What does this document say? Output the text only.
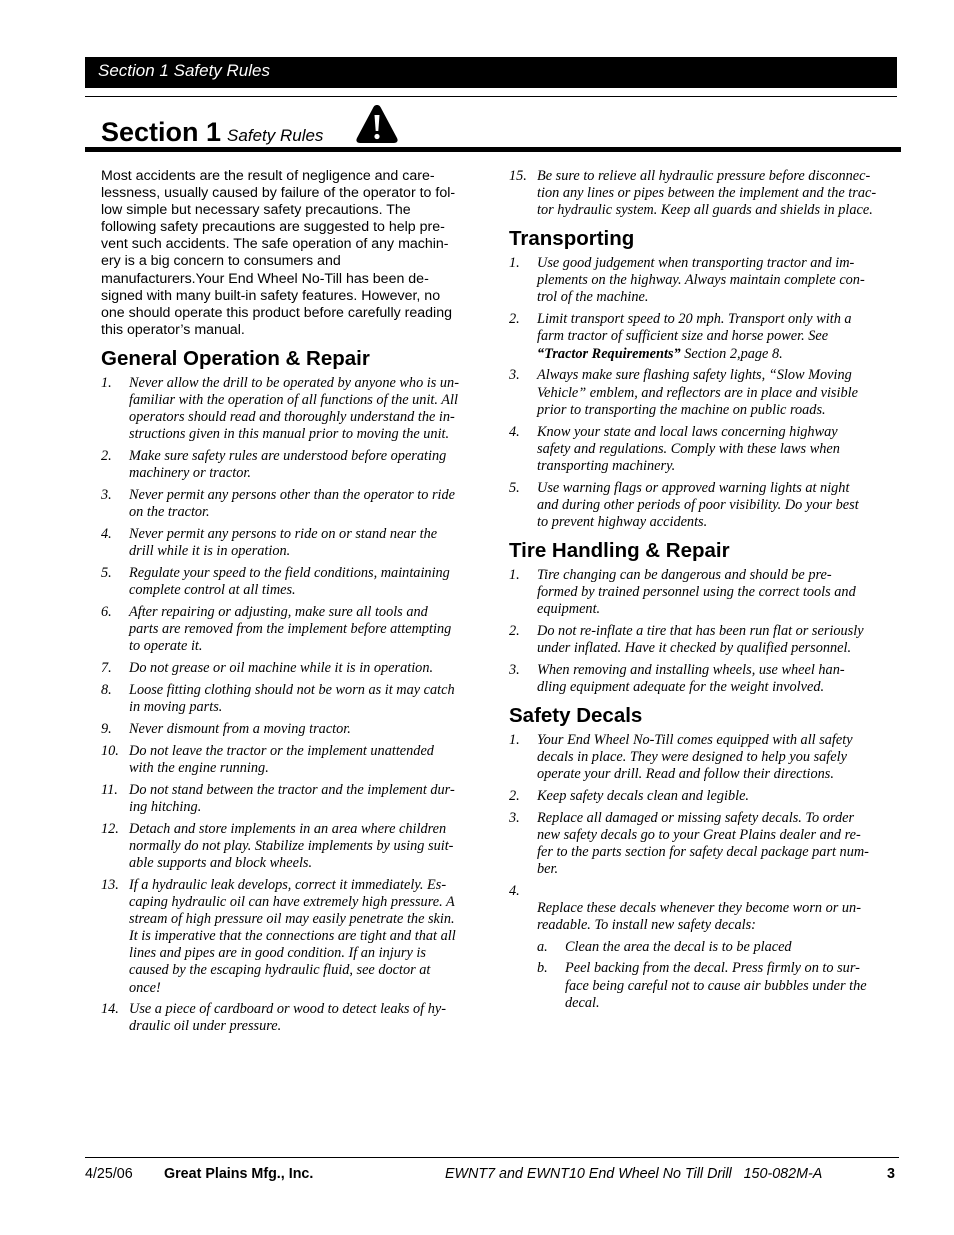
Section 1 Safety Rules
Section 1 Safety Rules

Most accidents are the result of negligence and care-
lessness, usually caused by failure of the operator to fol-
low simple but necessary safety precautions. The
following safety precautions are suggested to help pre-
vent such accidents. The safe operation of any machin-
ery is a big concern to consumers and
manufacturers.Your End Wheel No-Till has been de-
signed with many built-in safety features. However, no
one should operate this product before carefully reading
this operator’s manual.

General Operation & Repair
1.	Never allow the drill to be operated by anyone who is un-
familiar with the operation of all functions of the unit. All
operators should read and thoroughly understand the in-
structions given in this manual prior to moving the unit.
2.	Make sure safety rules are understood before operating
machinery or tractor.
3.	Never permit any persons other than the operator to ride
on the tractor.
4.	Never permit any persons to ride on or stand near the
drill while it is in operation.
5.	Regulate your speed to the field conditions, maintaining
complete control at all times.
6.	After repairing or adjusting, make sure all tools and
parts are removed from the implement before attempting
to operate it.
7.	Do not grease or oil machine while it is in operation.
8.	Loose fitting clothing should not be worn as it may catch
in moving parts.
9.	Never dismount from a moving tractor.
10. Do not leave the tractor or the implement unattended
with the engine running.
11. Do not stand between the tractor and the implement dur-
ing hitching.
12. Detach and store implements in an area where children
normally do not play. Stabilize implements by using suit-
able supports and block wheels.
13. If a hydraulic leak develops, correct it immediately. Es-
caping hydraulic oil can have extremely high pressure. A
stream of high pressure oil may easily penetrate the skin.
It is imperative that the connections are tight and that all
lines and pipes are in good condition. If an injury is
caused by the escaping hydraulic fluid, see doctor at
once!
14. Use a piece of cardboard or wood to detect leaks of hy-
draulic oil under pressure.
15. Be sure to relieve all hydraulic pressure before disconnec-
tion any lines or pipes between the implement and the trac-
tor hydraulic system. Keep all guards and shields in place.
Transporting
1.	Use good judgement when transporting tractor and im-
plements on the highway. Always maintain complete con-
trol of the machine.
2.	Limit transport speed to 20 mph. Transport only with a
farm tractor of sufficient size and horse power. See
“Tractor Requirements” Section 2,page 8.
3.	Always make sure flashing safety lights, “Slow Moving
Vehicle” emblem, and reflectors are in place and visible
prior to transporting the machine on public roads.
4.	Know your state and local laws concerning highway
safety and regulations. Comply with these laws when
transporting machinery.
5.	Use warning flags or approved warning lights at night
and during other periods of poor visibility. Do your best
to prevent highway accidents.
Tire Handling & Repair
1.	Tire changing can be dangerous and should be pre-
formed by trained personnel using the correct tools and
equipment.
2.	Do not re-inflate a tire that has been run flat or seriously
under inflated. Have it checked by qualified personnel.
3.	When removing and installing wheels, use wheel han-
dling equipment adequate for the weight involved.
Safety Decals
1.	Your End Wheel No-Till comes equipped with all safety
decals in place. They were designed to help you safely
operate your drill. Read and follow their directions.
2.	Keep safety decals clean and legible.
3.	Replace all damaged or missing safety decals. To order
new safety decals go to your Great Plains dealer and re-
fer to the parts section for safety decal package part num-
ber.
4.

Replace these decals whenever they become worn or un-
readable. To install new safety decals:

a.	Clean the area the decal is to be placed
b.	Peel backing from the decal. Press firmly on to sur-
face being careful not to cause air bubbles under the
decal.
4/25/06 Great Plains Mfg., Inc.	EWNT7 and EWNT10 End Wheel No Till Drill   150-082M-A	3
